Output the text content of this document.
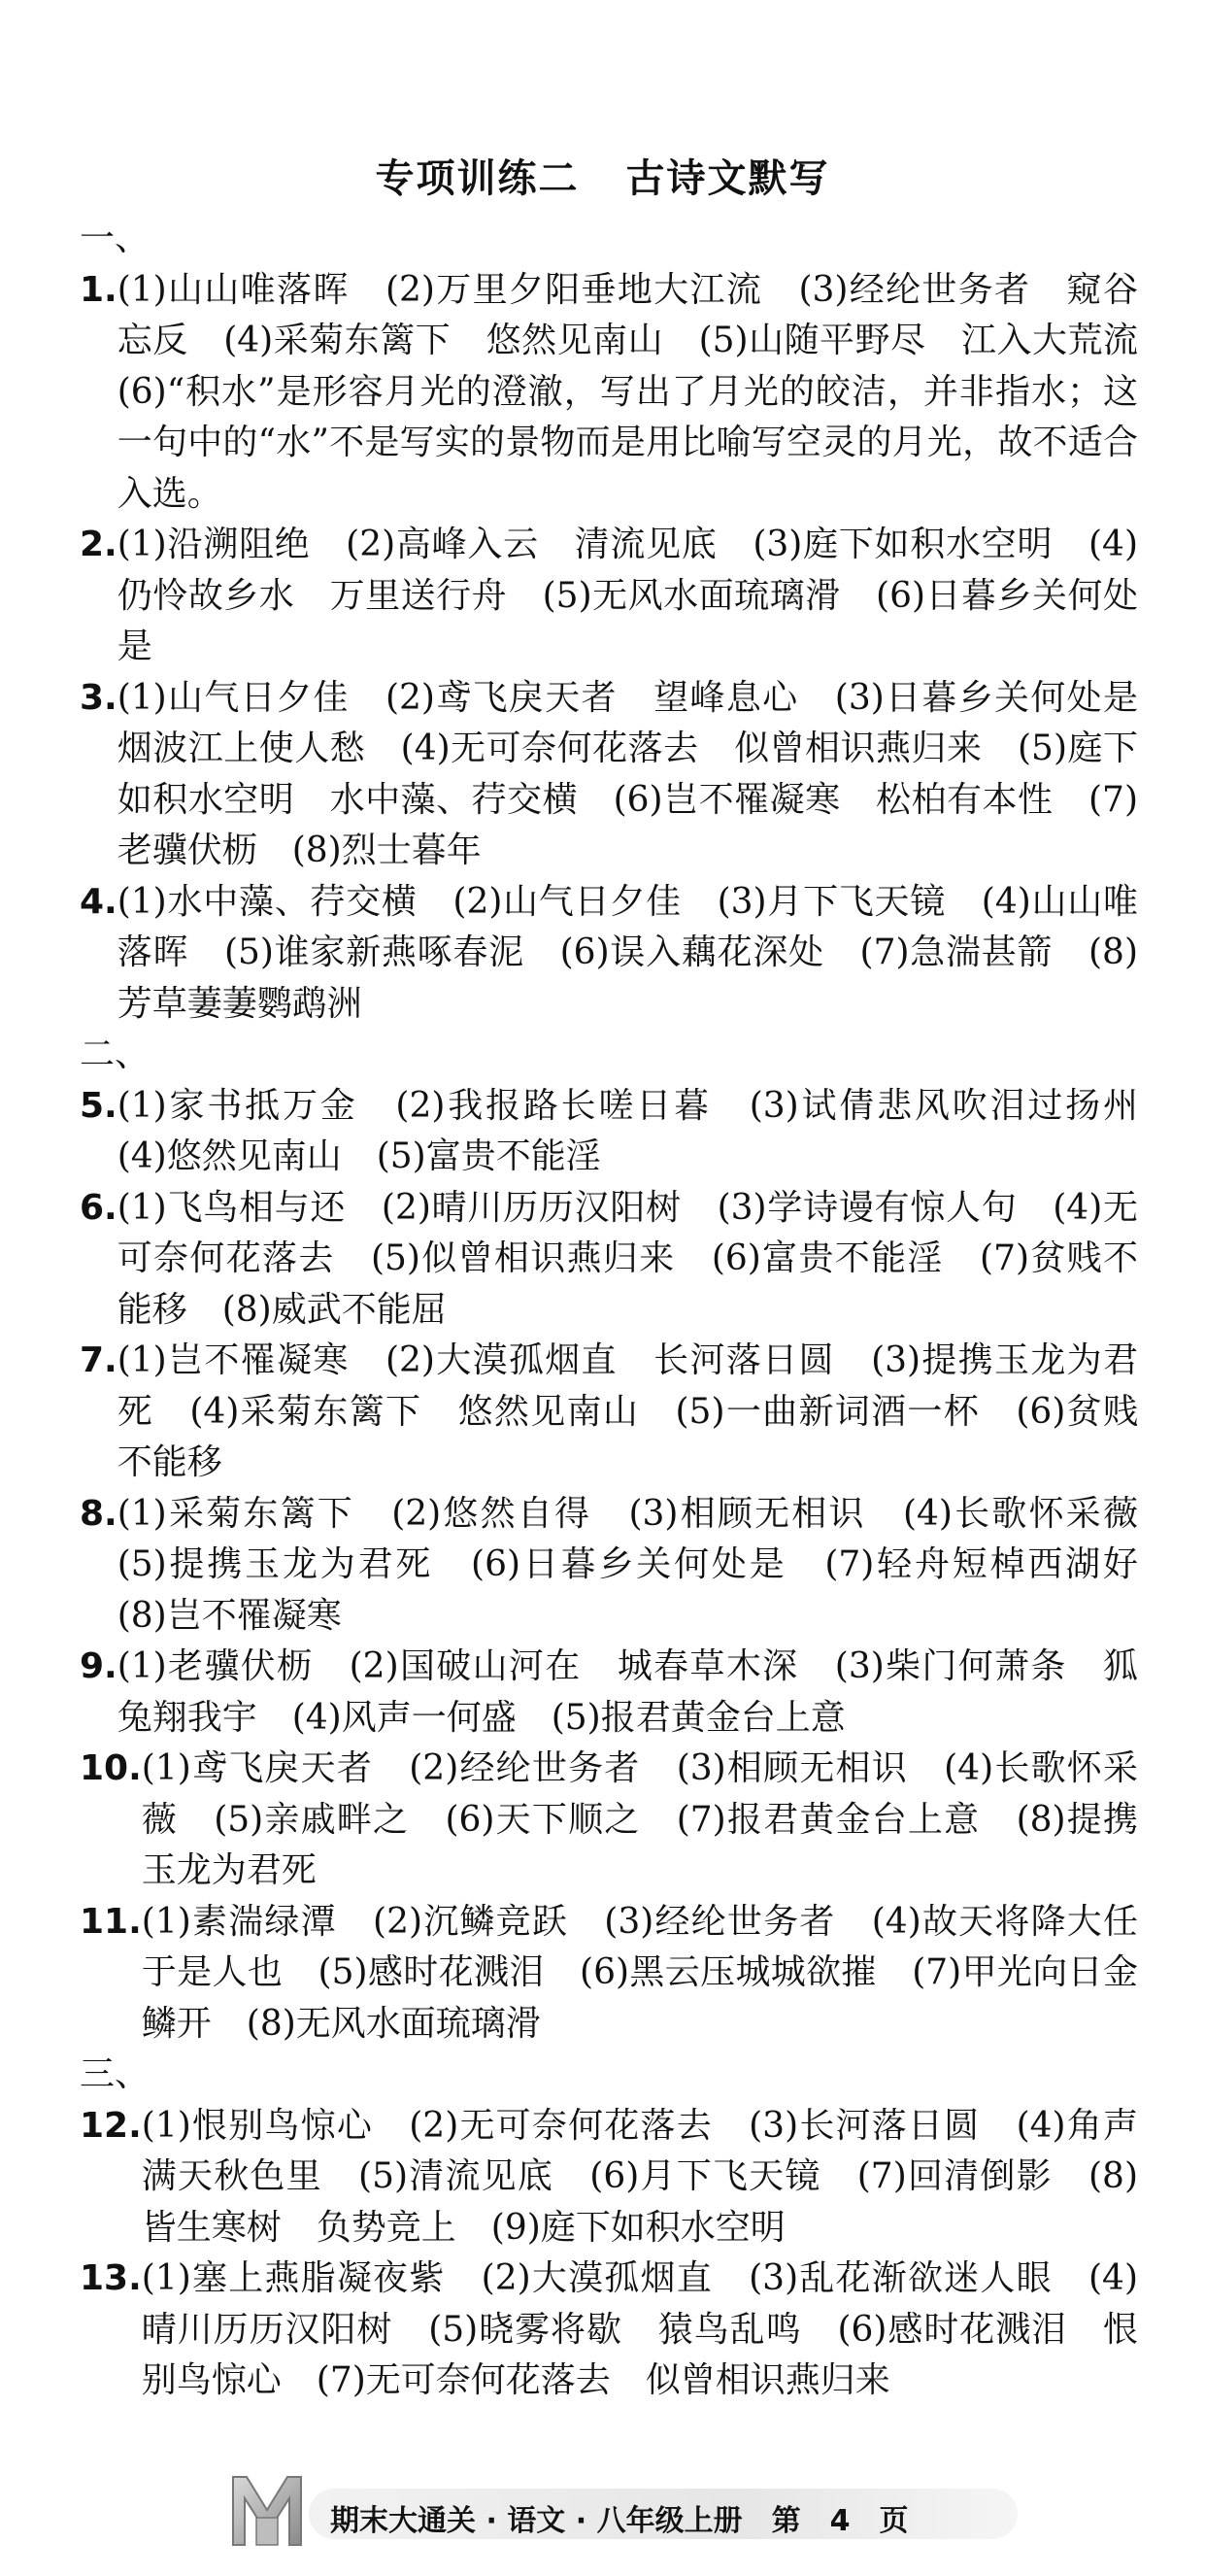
专项训练二 古诗文默写
一、
1. (1)山山唯落晖　(2)万里夕阳垂地大江流　(3)经纶世务者　窥谷忘反　(4)采菊东篱下　悠然见南山　(5)山随平野尽　江入大荒流　(6)“积水”是形容月光的澄澈，写出了月光的皎洁，并非指水；这一句中的“水”不是写实的景物而是用比喻写空灵的月光，故不适合入选。
2. (1)沿溯阻绝　(2)高峰入云　清流见底　(3)庭下如积水空明　(4)仍怜故乡水　万里送行舟　(5)无风水面琉璃滑　(6)日暮乡关何处是
3. (1)山气日夕佳　(2)鸢飞戾天者　望峰息心　(3)日暮乡关何处是　烟波江上使人愁　(4)无可奈何花落去　似曾相识燕归来　(5)庭下如积水空明　水中藻、荇交横　(6)岂不罹凝寒　松柏有本性　(7)老骥伏枥　(8)烈士暮年
4. (1)水中藻、荇交横　(2)山气日夕佳　(3)月下飞天镜　(4)山山唯落晖　(5)谁家新燕啄春泥　(6)误入藕花深处　(7)急湍甚箭　(8)芳草萋萋鹦鹉洲
二、
5. (1)家书抵万金　(2)我报路长嗟日暮　(3)试倩悲风吹泪过扬州　(4)悠然见南山　(5)富贵不能淫
6. (1)飞鸟相与还　(2)晴川历历汉阳树　(3)学诗谩有惊人句　(4)无可奈何花落去　(5)似曾相识燕归来　(6)富贵不能淫　(7)贫贱不能移　(8)威武不能屈
7. (1)岂不罹凝寒　(2)大漠孤烟直　长河落日圆　(3)提携玉龙为君死　(4)采菊东篱下　悠然见南山　(5)一曲新词酒一杯　(6)贫贱不能移
8. (1)采菊东篱下　(2)悠然自得　(3)相顾无相识　(4)长歌怀采薇　(5)提携玉龙为君死　(6)日暮乡关何处是　(7)轻舟短棹西湖好　(8)岂不罹凝寒
9. (1)老骥伏枥　(2)国破山河在　城春草木深　(3)柴门何萧条　狐兔翔我宇　(4)风声一何盛　(5)报君黄金台上意
10. (1)鸢飞戾天者　(2)经纶世务者　(3)相顾无相识　(4)长歌怀采薇　(5)亲戚畔之　(6)天下顺之　(7)报君黄金台上意　(8)提携玉龙为君死
11. (1)素湍绿潭　(2)沉鳞竞跃　(3)经纶世务者　(4)故天将降大任于是人也　(5)感时花溅泪　(6)黑云压城城欲摧　(7)甲光向日金鳞开　(8)无风水面琉璃滑
三、
12. (1)恨别鸟惊心　(2)无可奈何花落去　(3)长河落日圆　(4)角声满天秋色里　(5)清流见底　(6)月下飞天镜　(7)回清倒影　(8)皆生寒树　负势竞上　(9)庭下如积水空明
13. (1)塞上燕脂凝夜紫　(2)大漠孤烟直　(3)乱花渐欲迷人眼　(4)晴川历历汉阳树　(5)晓雾将歇　猿鸟乱鸣　(6)感时花溅泪　恨别鸟惊心　(7)无可奈何花落去　似曾相识燕归来
期末大通关 · 语文 · 八年级上册　第　4　页
